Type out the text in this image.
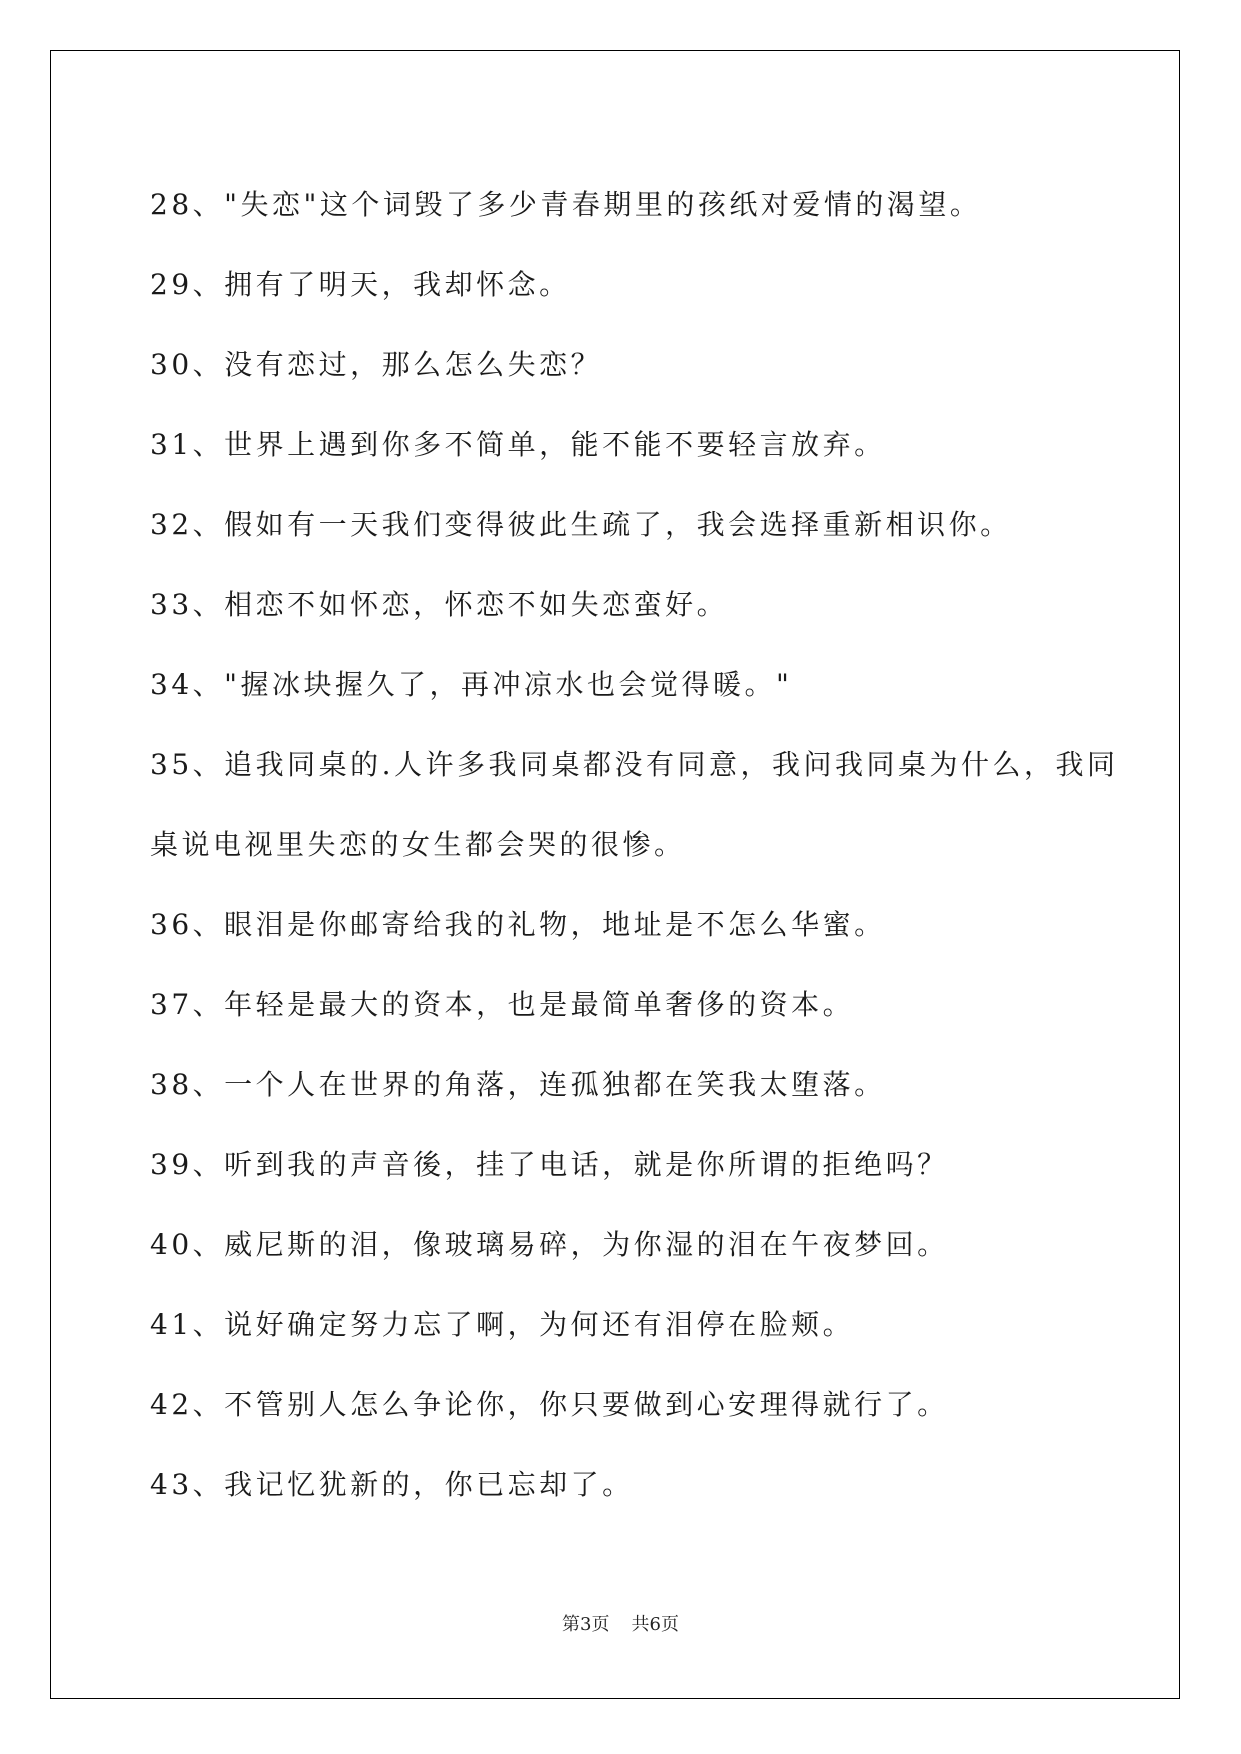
28、"失恋"这个词毁了多少青春期里的孩纸对爱情的渴望。
29、拥有了明天，我却怀念。
30、没有恋过，那么怎么失恋？
31、世界上遇到你多不简单，能不能不要轻言放弃。
32、假如有一天我们变得彼此生疏了，我会选择重新相识你。
33、相恋不如怀恋，怀恋不如失恋蛮好。
34、"握冰块握久了，再冲凉水也会觉得暖。"
35、追我同桌的.人许多我同桌都没有同意，我问我同桌为什么，我同
桌说电视里失恋的女生都会哭的很惨。
36、眼泪是你邮寄给我的礼物，地址是不怎么华蜜。
37、年轻是最大的资本，也是最简单奢侈的资本。
38、一个人在世界的角落，连孤独都在笑我太堕落。
39、听到我的声音後，挂了电话，就是你所谓的拒绝吗？
40、威尼斯的泪，像玻璃易碎，为你湿的泪在午夜梦回。
41、说好确定努力忘了啊，为何还有泪停在脸颊。
42、不管别人怎么争论你，你只要做到心安理得就行了。
43、我记忆犹新的，你已忘却了。
第3页 共6页
